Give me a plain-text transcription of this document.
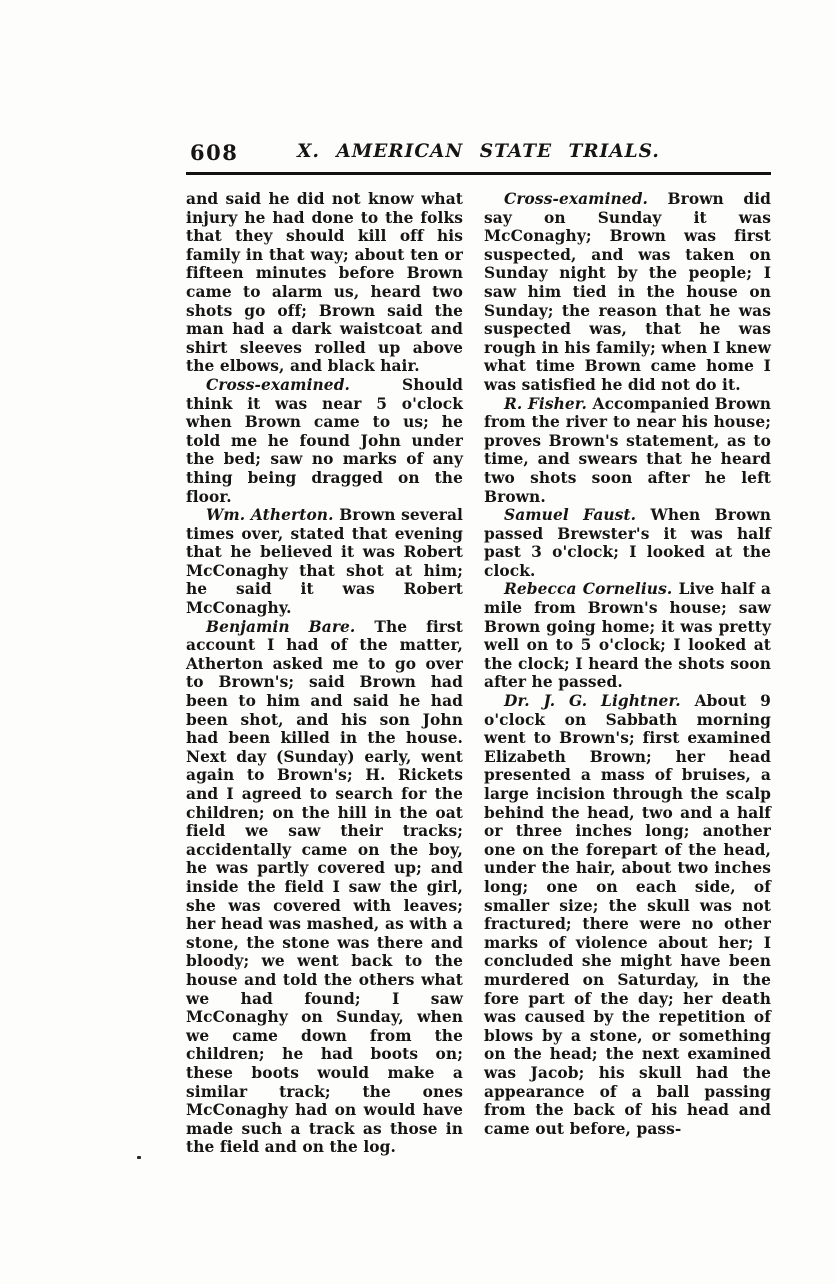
608	X. AMERICAN STATE TRIALS.

and said he did not know what injury he had done to the folks that they should kill off his family in that way; about ten or fifteen minutes before Brown came to alarm us, heard two shots go off; Brown said the man had a dark waistcoat and shirt sleeves rolled up above the elbows, and black hair.

Cross-examined.	Should think it was near 5 o'clock when Brown came to us; he told me he found John under the bed; saw no marks of any thing being dragged on the floor.

Wm. Atherton. Brown several times over, stated that evening that he believed it was Robert McConaghy that shot at him; he said it was Robert McConaghy.

Benjamin Bare. The first account I had of the matter, Atherton asked me to go over to Brown's; said Brown had been to him and said he had been shot, and his son John had been killed in the house. Next day (Sunday) early, went again to Brown's; H. Rickets and I agreed to search for the children; on the hill in the oat field we saw their tracks; accidentally came on the boy, he was partly covered up; and inside the field I saw the girl, she was covered with leaves; her head was mashed, as with a stone, the stone was there and bloody; we went back to the house and told the others what we had found; I saw McConaghy on Sunday, when we came down from the children; he had boots on; these boots would make a similar track; the ones McConaghy had on would have made such a track as those in the field and on the log.

Cross-examined. Brown did say on Sunday it was McConaghy; Brown was first suspected, and was taken on Sunday night by the people; I saw him tied in the house on Sunday; the reason that he was suspected was, that he was rough in his family; when I knew what time Brown came home I was satisfied he did not do it.

R. Fisher. Accompanied Brown from the river to near his house; proves Brown's statement, as to time, and swears that he heard two shots soon after he left Brown.

Samuel Faust. When Brown passed Brewster's it was half past 3 o'clock; I looked at the clock.

Rebecca Cornelius. Live half a mile from Brown's house; saw Brown going home; it was pretty well on to 5 o'clock; I looked at the clock; I heard the shots soon after he passed.

Dr. J. G. Lightner. About 9 o'clock on Sabbath morning went to Brown's; first examined Elizabeth Brown; her head presented a mass of bruises, a large incision through the scalp behind the head, two and a half or three inches long; another one on the forepart of the head, under the hair, about two inches long; one on each side, of smaller size; the skull was not fractured; there were no other marks of violence about her; I concluded she might have been murdered on Saturday, in the fore part of the day; her death was caused by the repetition of blows by a stone, or something on the head; the next examined was Jacob; his skull had the appearance of a ball passing from the back of his head and came out before, pass-
